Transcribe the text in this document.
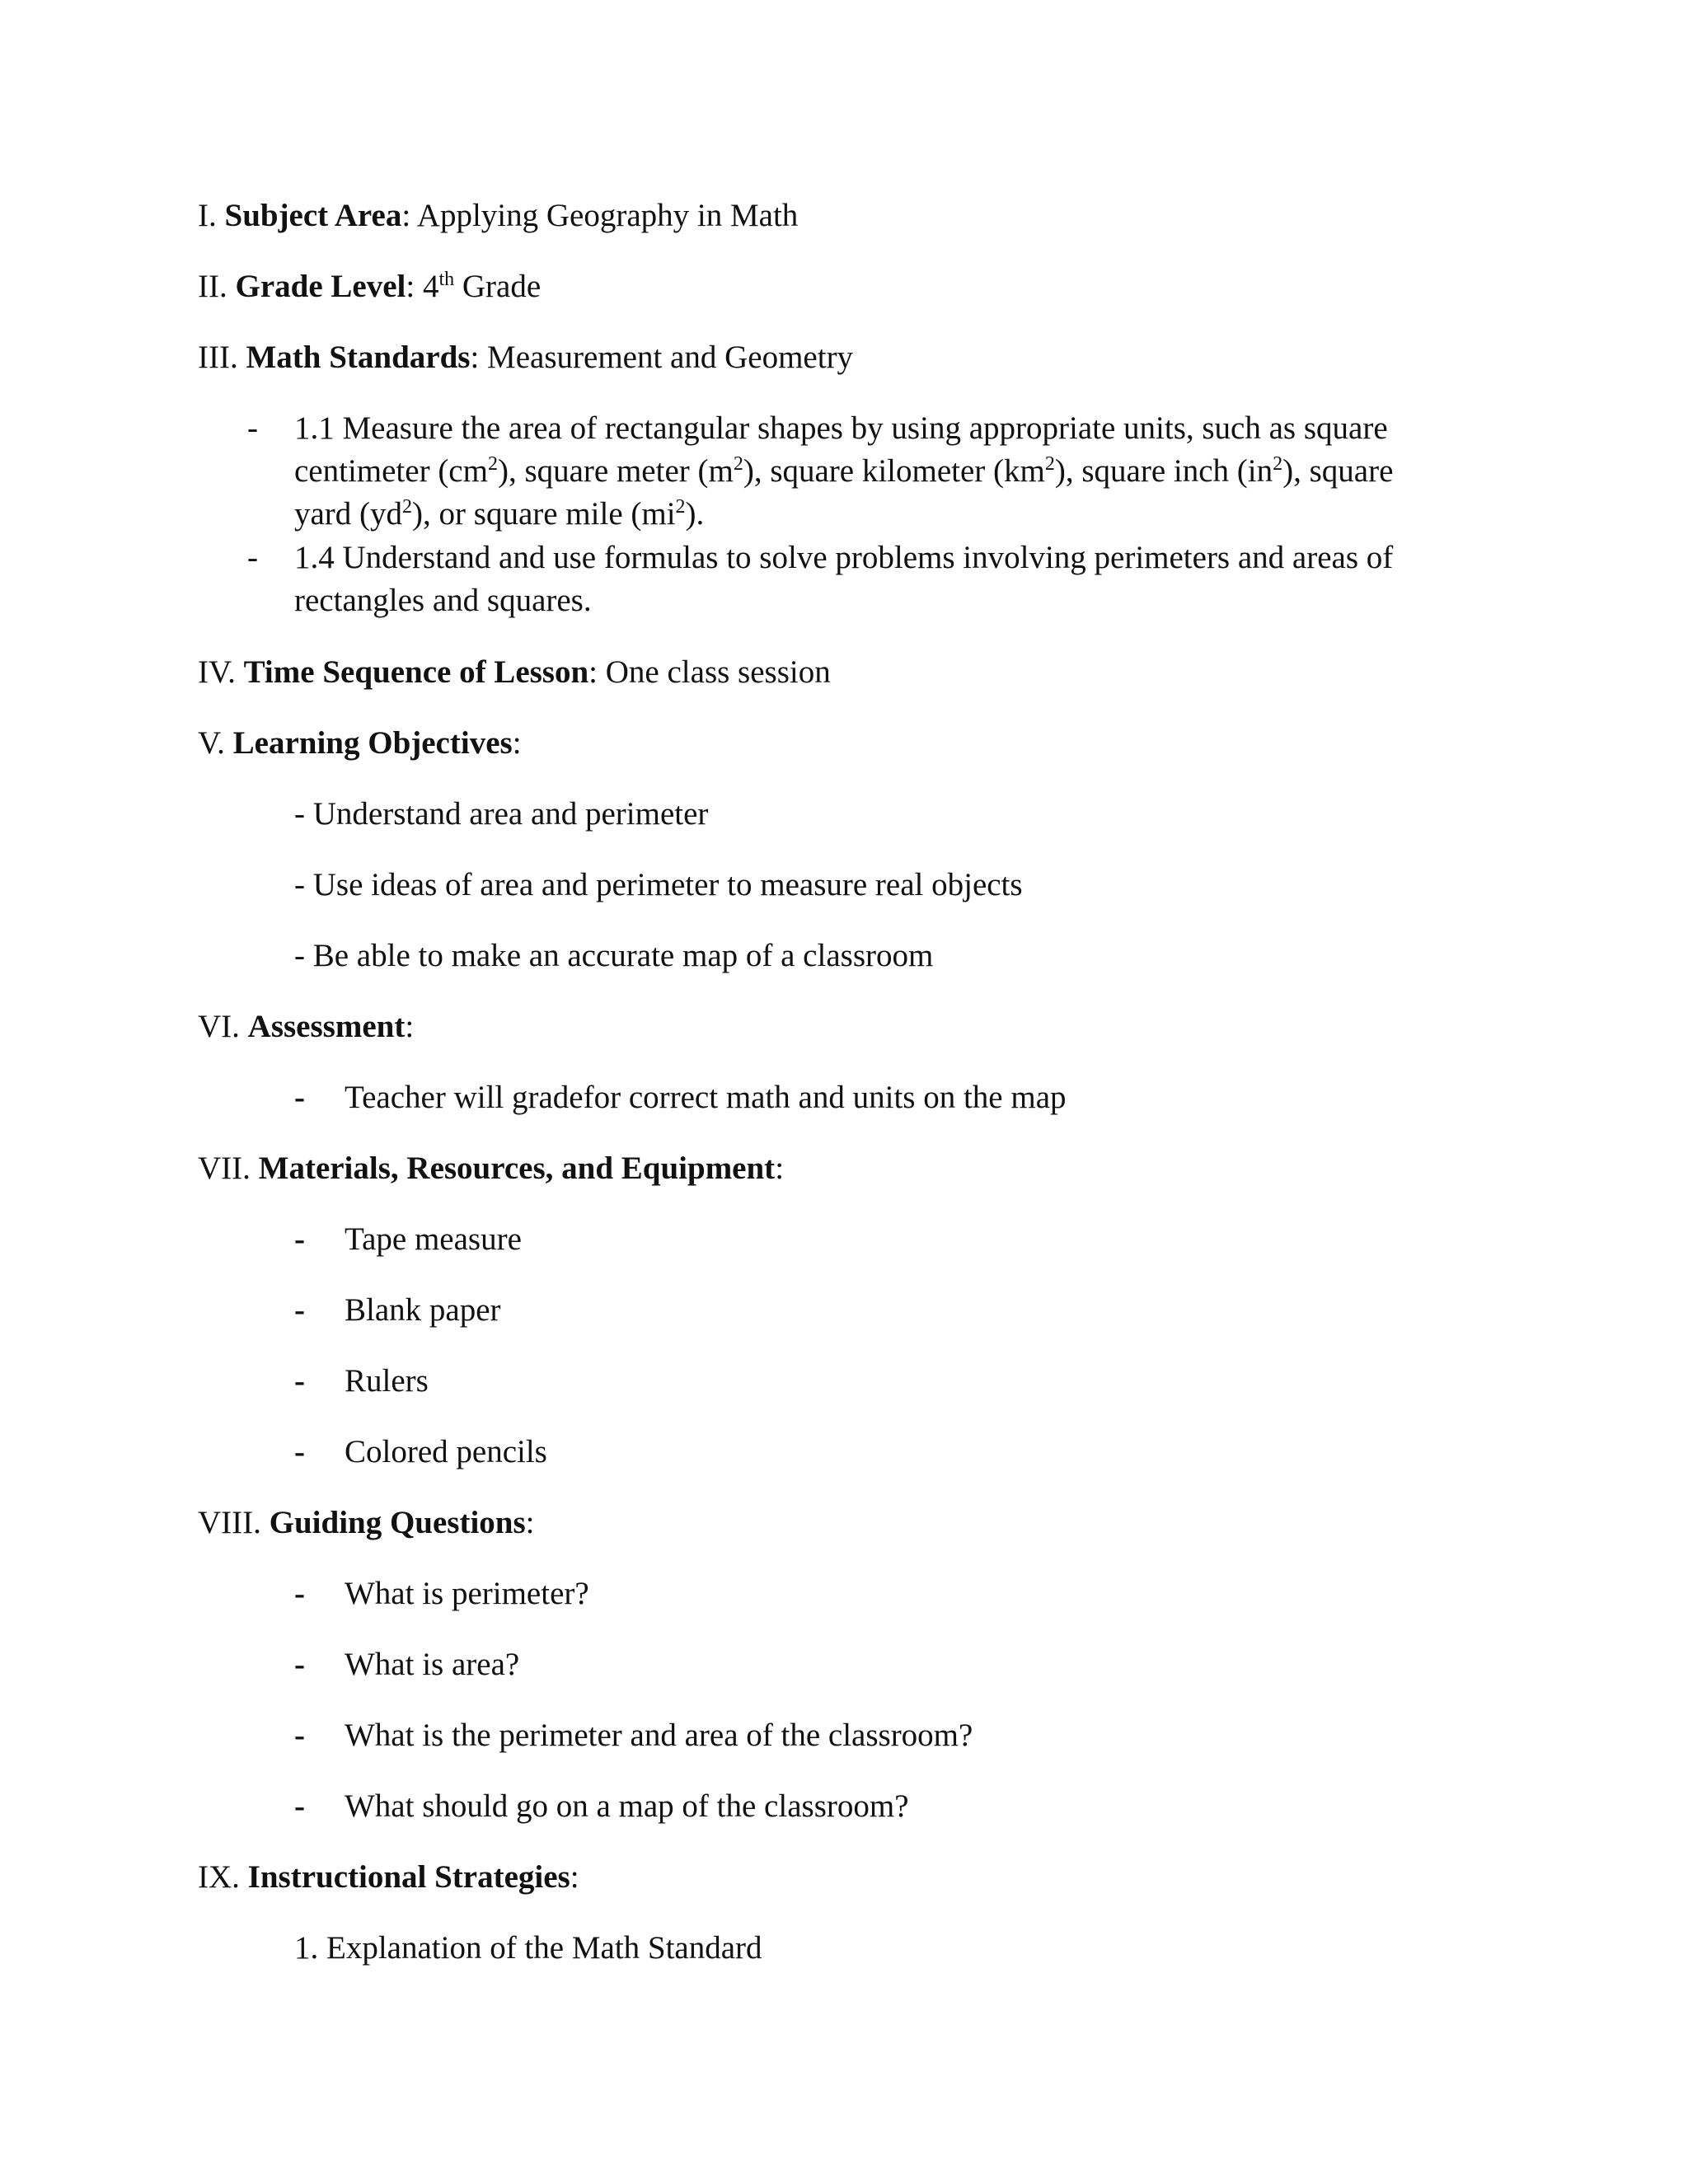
I. Subject Area: Applying Geography in Math
II. Grade Level: 4th Grade
III. Math Standards: Measurement and Geometry
- 1.1 Measure the area of rectangular shapes by using appropriate units, such as square centimeter $(cm^2)$, square meter $(m^2)$, square kilometer $(km^2)$, square inch $(in^2)$, square yard $(yd^2)$, or square mile $(mi^2)$.
- 1.4 Understand and use formulas to solve problems involving perimeters and areas of rectangles and squares.
IV. Time Sequence of Lesson: One class session
V. Learning Objectives:
- Understand area and perimeter
- Use ideas of area and perimeter to measure real objects
- Be able to make an accurate map of a classroom
VI. Assessment:
- Teacher will gradefor correct math and units on the map
VII. Materials, Resources, and Equipment:
- Tape measure
- Blank paper
- Rulers
- Colored pencils
VIII. Guiding Questions:
- What is perimeter?
- What is area?
- What is the perimeter and area of the classroom?
- What should go on a map of the classroom?
IX. Instructional Strategies:
1. Explanation of the Math Standard
